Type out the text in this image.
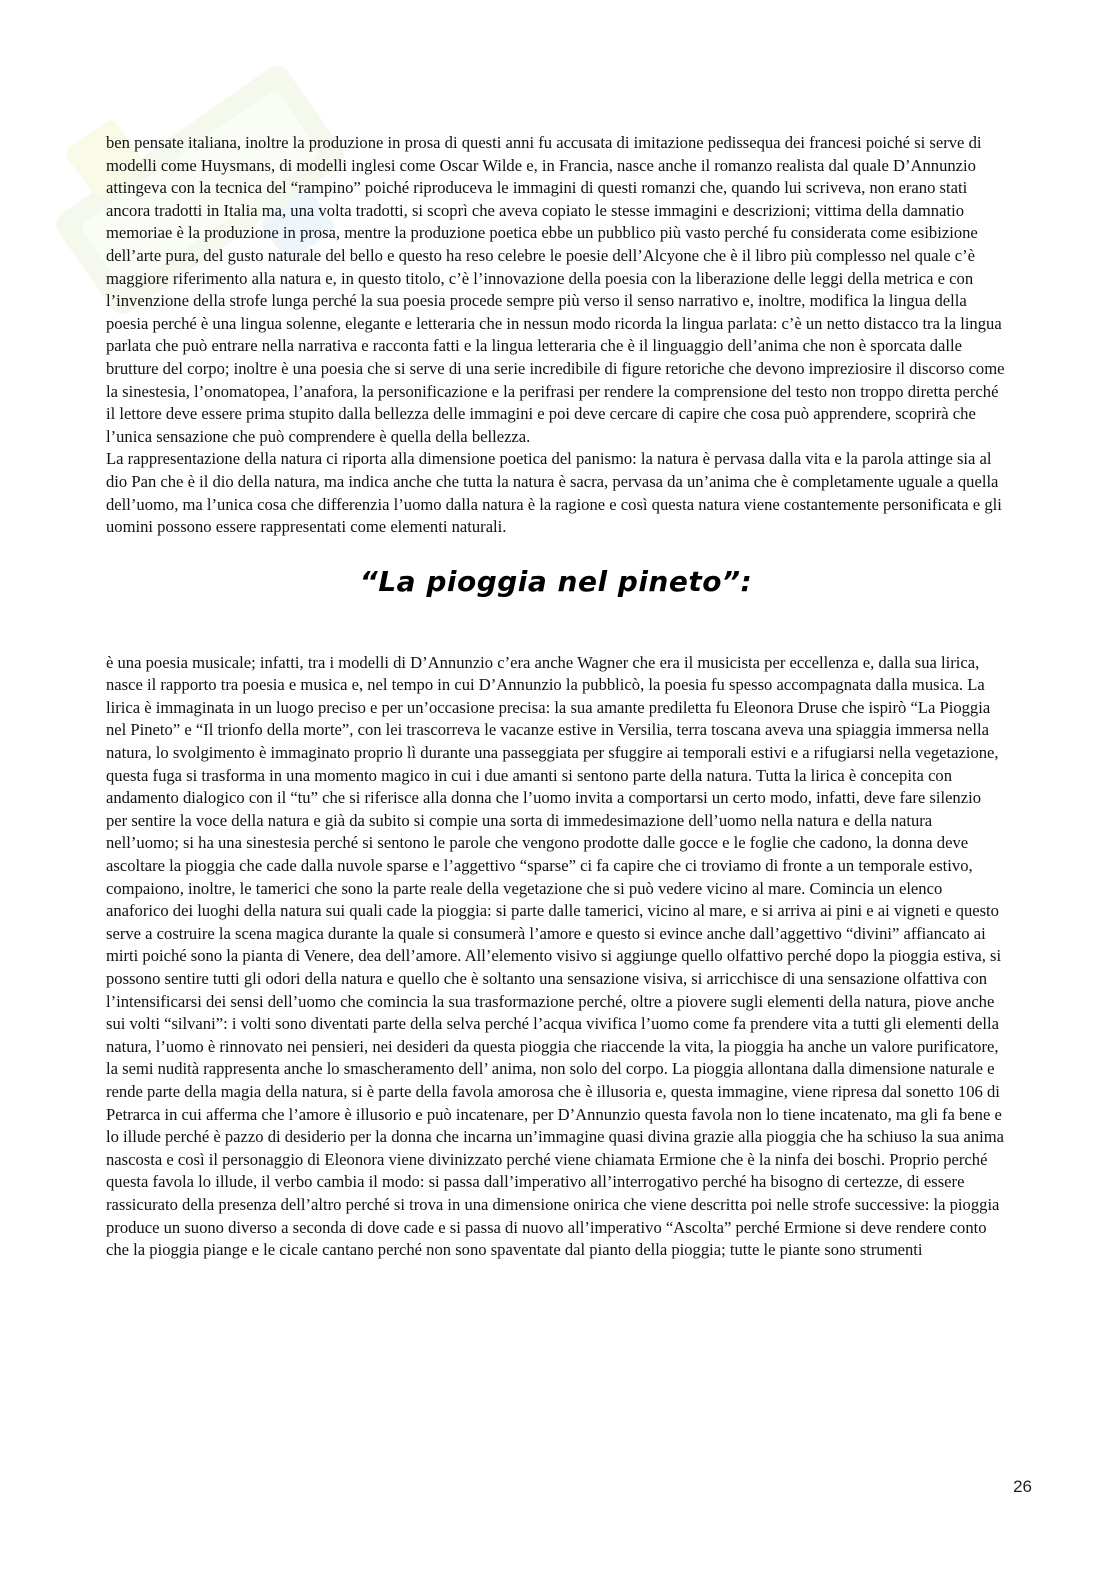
ben pensate italiana, inoltre la produzione in prosa di questi anni fu accusata di imitazione pedissequa dei francesi poiché si serve di modelli come Huysmans, di modelli inglesi come Oscar Wilde e, in Francia, nasce anche il romanzo realista dal quale D’Annunzio attingeva con la tecnica del “rampino” poiché riproduceva le immagini di questi romanzi che, quando lui scriveva, non erano stati ancora tradotti in Italia ma, una volta tradotti, si scoprì che aveva copiato le stesse immagini e descrizioni; vittima della damnatio memoriae è la produzione in prosa, mentre la produzione poetica ebbe un pubblico più vasto perché fu considerata come esibizione dell’arte pura, del gusto naturale del bello e questo ha reso celebre le poesie dell’Alcyone che è il libro più complesso nel quale c’è maggiore riferimento alla natura e, in questo titolo, c’è l’innovazione della poesia con la liberazione delle leggi della metrica e con l’invenzione della strofe lunga perché la sua poesia procede sempre più verso il senso narrativo e, inoltre, modifica la lingua della poesia perché è una lingua solenne, elegante e letteraria che in nessun modo ricorda la lingua parlata: c’è un netto distacco tra la lingua parlata che può entrare nella narrativa e racconta fatti e la lingua letteraria che è il linguaggio dell’anima che non è sporcata dalle brutture del corpo; inoltre è una poesia che si serve di una serie incredibile di figure retoriche che devono impreziosire il discorso come la sinestesia, l’onomatopea, l’anafora, la personificazione e la perifrasi per rendere la comprensione del testo non troppo diretta perché il lettore deve essere prima stupito dalla bellezza delle immagini e poi deve cercare di capire che cosa può apprendere, scoprirà che l’unica sensazione che può comprendere è quella della bellezza.

La rappresentazione della natura ci riporta alla dimensione poetica del panismo: la natura è pervasa dalla vita e la parola attinge sia al dio Pan che è il dio della natura, ma indica anche che tutta la natura è sacra, pervasa da un’anima che è completamente uguale a quella dell’uomo, ma l’unica cosa che differenzia l’uomo dalla natura è la ragione e così questa natura viene costantemente personificata e gli uomini possono essere rappresentati come elementi naturali.

“La pioggia nel pineto”:

è una poesia musicale; infatti, tra i modelli di D’Annunzio c’era anche Wagner che era il musicista per eccellenza e, dalla sua lirica, nasce il rapporto tra poesia e musica e, nel tempo in cui D’Annunzio la pubblicò, la poesia fu spesso accompagnata dalla musica. La lirica è immaginata in un luogo preciso e per un’occasione precisa: la sua amante prediletta fu Eleonora Druse che ispirò “La Pioggia nel Pineto” e “Il trionfo della morte”, con lei trascorreva le vacanze estive in Versilia, terra toscana aveva una spiaggia immersa nella natura, lo svolgimento è immaginato proprio lì durante una passeggiata per sfuggire ai temporali estivi e a rifugiarsi nella vegetazione, questa fuga si trasforma in una momento magico in cui i due amanti si sentono parte della natura. Tutta la lirica è concepita con andamento dialogico con il “tu” che si riferisce alla donna che l’uomo invita a comportarsi un certo modo, infatti, deve fare silenzio per sentire la voce della natura e già da subito si compie una sorta di immedesimazione dell’uomo nella natura e della natura nell’uomo; si ha una sinestesia perché si sentono le parole che vengono prodotte dalle gocce e le foglie che cadono, la donna deve ascoltare la pioggia che cade dalla nuvole sparse e l’aggettivo “sparse” ci fa capire che ci troviamo di fronte a un temporale estivo, compaiono, inoltre, le tamerici che sono la parte reale della vegetazione che si può vedere vicino al mare. Comincia un elenco anaforico dei luoghi della natura sui quali cade la pioggia: si parte dalle tamerici, vicino al mare, e si arriva ai pini e ai vigneti e questo serve a costruire la scena magica durante la quale si consumerà l’amore e questo si evince anche dall’aggettivo “divini” affiancato ai mirti poiché sono la pianta di Venere, dea dell’amore. All’elemento visivo si aggiunge quello olfattivo perché dopo la pioggia estiva, si possono sentire tutti gli odori della natura e quello che è soltanto una sensazione visiva, si arricchisce di una sensazione olfattiva con l’intensificarsi dei sensi dell’uomo che comincia la sua trasformazione perché, oltre a piovere sugli elementi della natura, piove anche sui volti “silvani”: i volti sono diventati parte della selva perché l’acqua vivifica l’uomo come fa prendere vita a tutti gli elementi della natura, l’uomo è rinnovato nei pensieri, nei desideri da questa pioggia che riaccende la vita, la pioggia ha anche un valore purificatore, la semi nudità rappresenta anche lo smascheramento dell’ anima, non solo del corpo. La pioggia allontana dalla dimensione naturale e rende parte della magia della natura, si è parte della favola amorosa che è illusoria e, questa immagine, viene ripresa dal sonetto 106 di Petrarca in cui afferma che l’amore è illusorio e può incatenare, per D’Annunzio questa favola non lo tiene incatenato, ma gli fa bene e lo illude perché è pazzo di desiderio per la donna che incarna un’immagine quasi divina grazie alla pioggia che ha schiuso la sua anima nascosta e così il personaggio di Eleonora viene divinizzato perché viene chiamata Ermione che è la ninfa dei boschi. Proprio perché questa favola lo illude, il verbo cambia il modo: si passa dall’imperativo all’interrogativo perché ha bisogno di certezze, di essere rassicurato della presenza dell’altro perché si trova in una dimensione onirica che viene descritta poi nelle strofe successive: la pioggia produce un suono diverso a seconda di dove cade e si passa di nuovo all’imperativo “Ascolta” perché Ermione si deve rendere conto che la pioggia piange e le cicale cantano perché non sono spaventate dal pianto della pioggia; tutte le piante sono strumenti

26
